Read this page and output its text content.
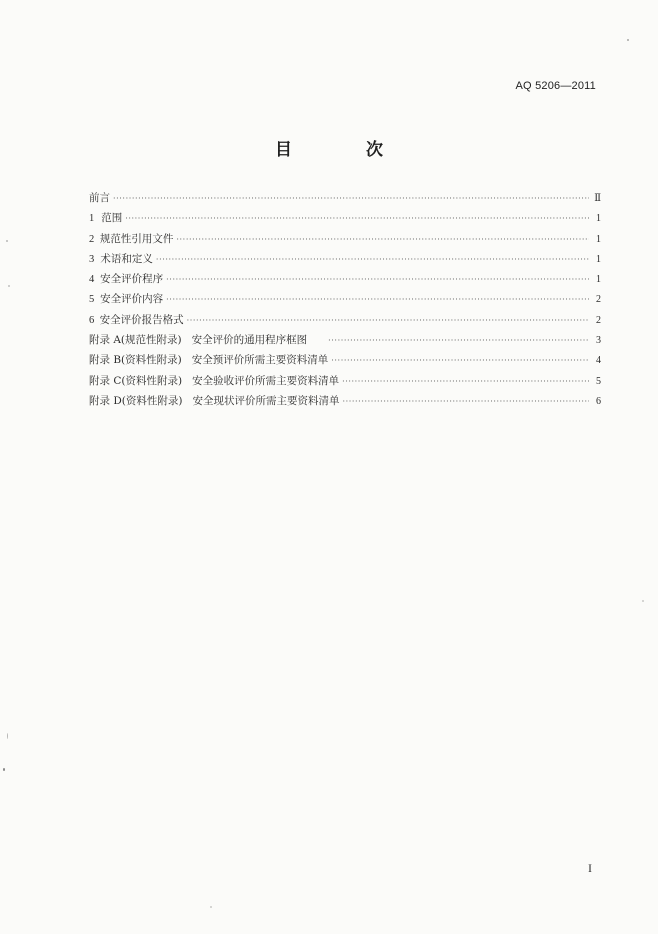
AQ 5206—2011
目 次
前言 ·····	Ⅱ
1 范围 ·····	1
2 规范性引用文件 ·····	1
3 术语和定义 ·····	1
4 安全评价程序 ·····	1
5 安全评价内容 ·····	2
6 安全评价报告格式 ·····	2
附录 A(规范性附录)   安全评价的通用程序框图 ·····	3
附录 B(资料性附录)   安全预评价所需主要资料清单 ·····	4
附录 C(资料性附录)   安全验收评价所需主要资料清单 ·····	5
附录 D(资料性附录)   安全现状评价所需主要资料清单 ·····	6
I
